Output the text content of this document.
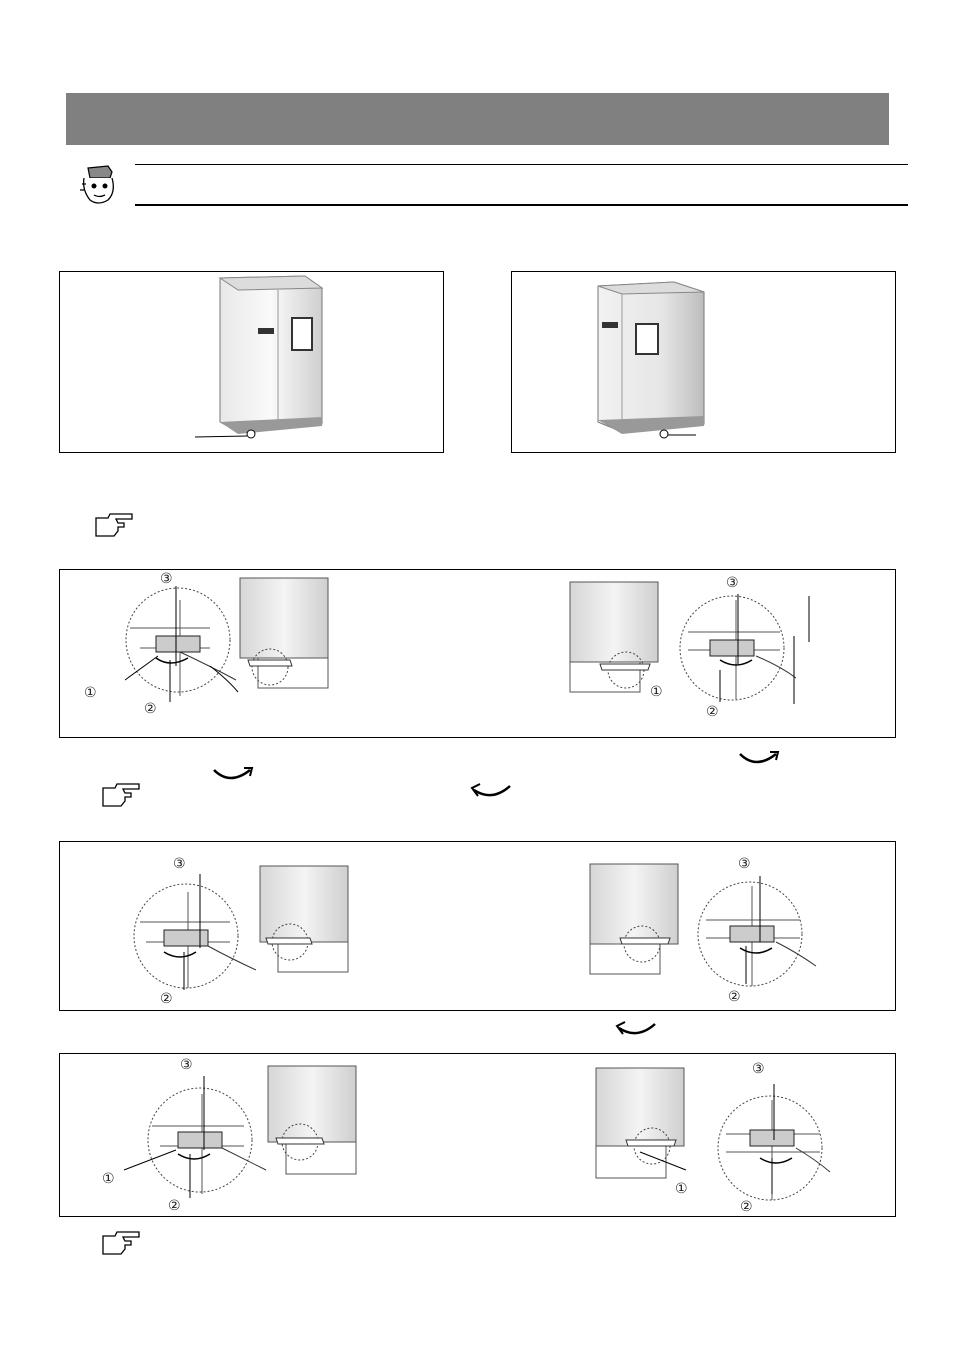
③
①
②
③
①
②
③
②
③
②
③
①
②
③
①
②
